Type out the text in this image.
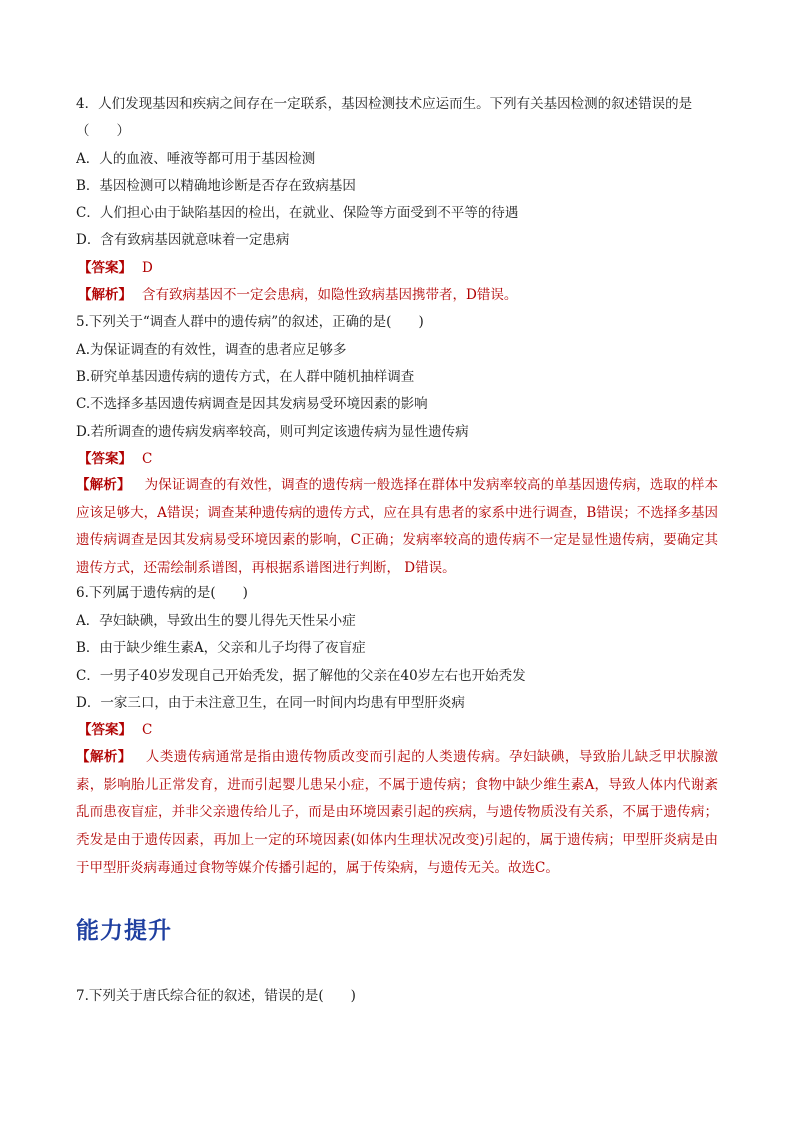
4．人们发现基因和疾病之间存在一定联系，基因检测技术应运而生。下列有关基因检测的叙述错误的是
（　　）
A．人的血液、唾液等都可用于基因检测
B．基因检测可以精确地诊断是否存在致病基因
C．人们担心由于缺陷基因的检出，在就业、保险等方面受到不平等的待遇
D．含有致病基因就意味着一定患病
【答案】 D
【解析】 含有致病基因不一定会患病，如隐性致病基因携带者，D错误。
5.下列关于“调查人群中的遗传病”的叙述，正确的是(　　)
A.为保证调查的有效性，调查的患者应足够多
B.研究单基因遗传病的遗传方式，在人群中随机抽样调查
C.不选择多基因遗传病调查是因其发病易受环境因素的影响
D.若所调查的遗传病发病率较高，则可判定该遗传病为显性遗传病
【答案】 C
【解析】 为保证调查的有效性，调查的遗传病一般选择在群体中发病率较高的单基因遗传病，选取的样本应该足够大，A错误；调查某种遗传病的遗传方式，应在具有患者的家系中进行调查，B错误；不选择多基因遗传病调查是因其发病易受环境因素的影响，C正确；发病率较高的遗传病不一定是显性遗传病，要确定其遗传方式，还需绘制系谱图，再根据系谱图进行判断， D错误。
6.下列属于遗传病的是(　　)
A．孕妇缺碘，导致出生的婴儿得先天性呆小症
B．由于缺少维生素A，父亲和儿子均得了夜盲症
C．一男子40岁发现自己开始秃发，据了解他的父亲在40岁左右也开始秃发
D．一家三口，由于未注意卫生，在同一时间内均患有甲型肝炎病
【答案】 C
【解析】 人类遗传病通常是指由遗传物质改变而引起的人类遗传病。孕妇缺碘，导致胎儿缺乏甲状腺激素，影响胎儿正常发育，进而引起婴儿患呆小症，不属于遗传病；食物中缺少维生素A，导致人体内代谢紊乱而患夜盲症，并非父亲遗传给儿子，而是由环境因素引起的疾病，与遗传物质没有关系，不属于遗传病；秃发是由于遗传因素，再加上一定的环境因素(如体内生理状况改变)引起的，属于遗传病；甲型肝炎病是由于甲型肝炎病毒通过食物等媒介传播引起的，属于传染病，与遗传无关。故选C。
能力提升
7.下列关于唐氏综合征的叙述，错误的是(　　)
